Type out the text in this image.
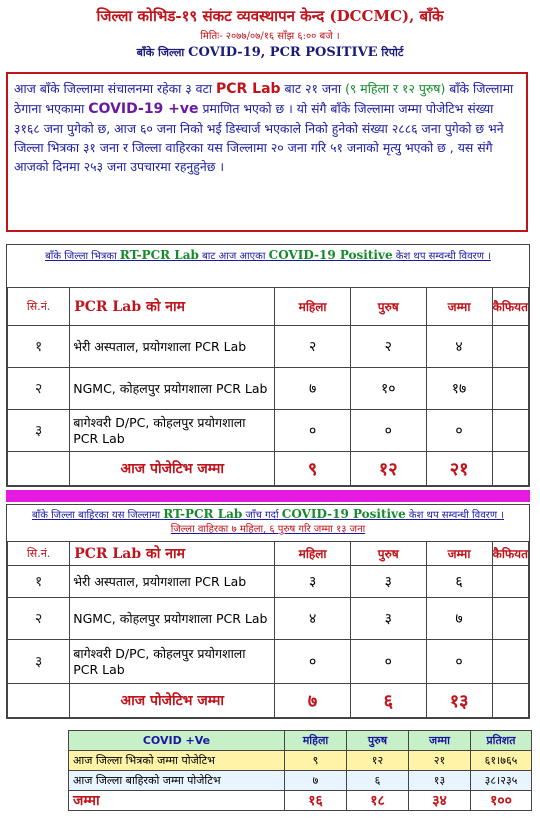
जिल्ला कोभिड-१९ संकट व्यवस्थापन केन्द (DCCMC), बाँके
मितिः- २०७७/०७/१६ साँझ ६:०० बजे ।
बाँके जिल्ला COVID-19, PCR POSITIVE रिपोर्ट
आज बाँके जिल्लामा संचालनमा रहेका ३ वटा PCR Lab बाट २१ जना (९ महिला र १२ पुरुष) बाँके जिल्लामा ठेगाना भएकामा COVID-19 +ve प्रमाणित भएको छ । यो संगै बाँके जिल्लामा जम्मा पोजेटिभ संख्या ३१६८ जना पुगेको छ, आज ६० जना निको भई डिस्चार्ज भएकाले निको हुनेको संख्या २८८६ जना पुगेको छ भने जिल्ला भित्रका ३१ जना र जिल्ला वाहिरका यस जिल्लामा २० जना गरि ५१ जनाको मृत्यु भएको छ , यस संगै आजको दिनमा २५३ जना उपचारमा रहनुहुनेछ ।
बाँके जिल्ला भित्रका RT-PCR Lab बाट आज आएका COVID-19 Positive केश थप सम्वन्धी विवरण ।
सि.नं.	PCR Lab को नाम	महिला	पुरुष	जम्मा	कैफियत
१	भेरी अस्पताल, प्रयोगशाला PCR Lab	२	२	४	
२	NGMC, कोहलपुर प्रयोगशाला PCR Lab	७	१०	१७	
३	बागेश्वरी D/PC, कोहलपुर प्रयोगशाला PCR Lab	०	०	०	
	आज पोजेटिभ जम्मा	९	१२	२१	
बाँके जिल्ला बाहिरका यस जिल्लामा RT-PCR Lab जाँच गर्दा COVID-19 Positive केश थप सम्वन्धी विवरण ।
जिल्ला वाहिरका ७ महिला, ६ पुरुष गरि जम्मा १३ जना
सि.नं.	PCR Lab को नाम	महिला	पुरुष	जम्मा	कैफियत
१	भेरी अस्पताल, प्रयोगशाला PCR Lab	३	३	६	
२	NGMC, कोहलपुर प्रयोगशाला PCR Lab	४	३	७	
३	बागेश्वरी D/PC, कोहलपुर प्रयोगशाला PCR Lab	०	०	०	
	आज पोजेटिभ जम्मा	७	६	१३	
COVID +Ve	महिला	पुरुष	जम्मा	प्रतिशत
आज जिल्ला भित्रको जम्मा पोजेटिभ	९	१२	२१	६१।७६५
आज जिल्ला बाहिरको जम्मा पोजेटिभ	७	६	१३	३८।२३५
जम्मा	१६	१८	३४	१००
